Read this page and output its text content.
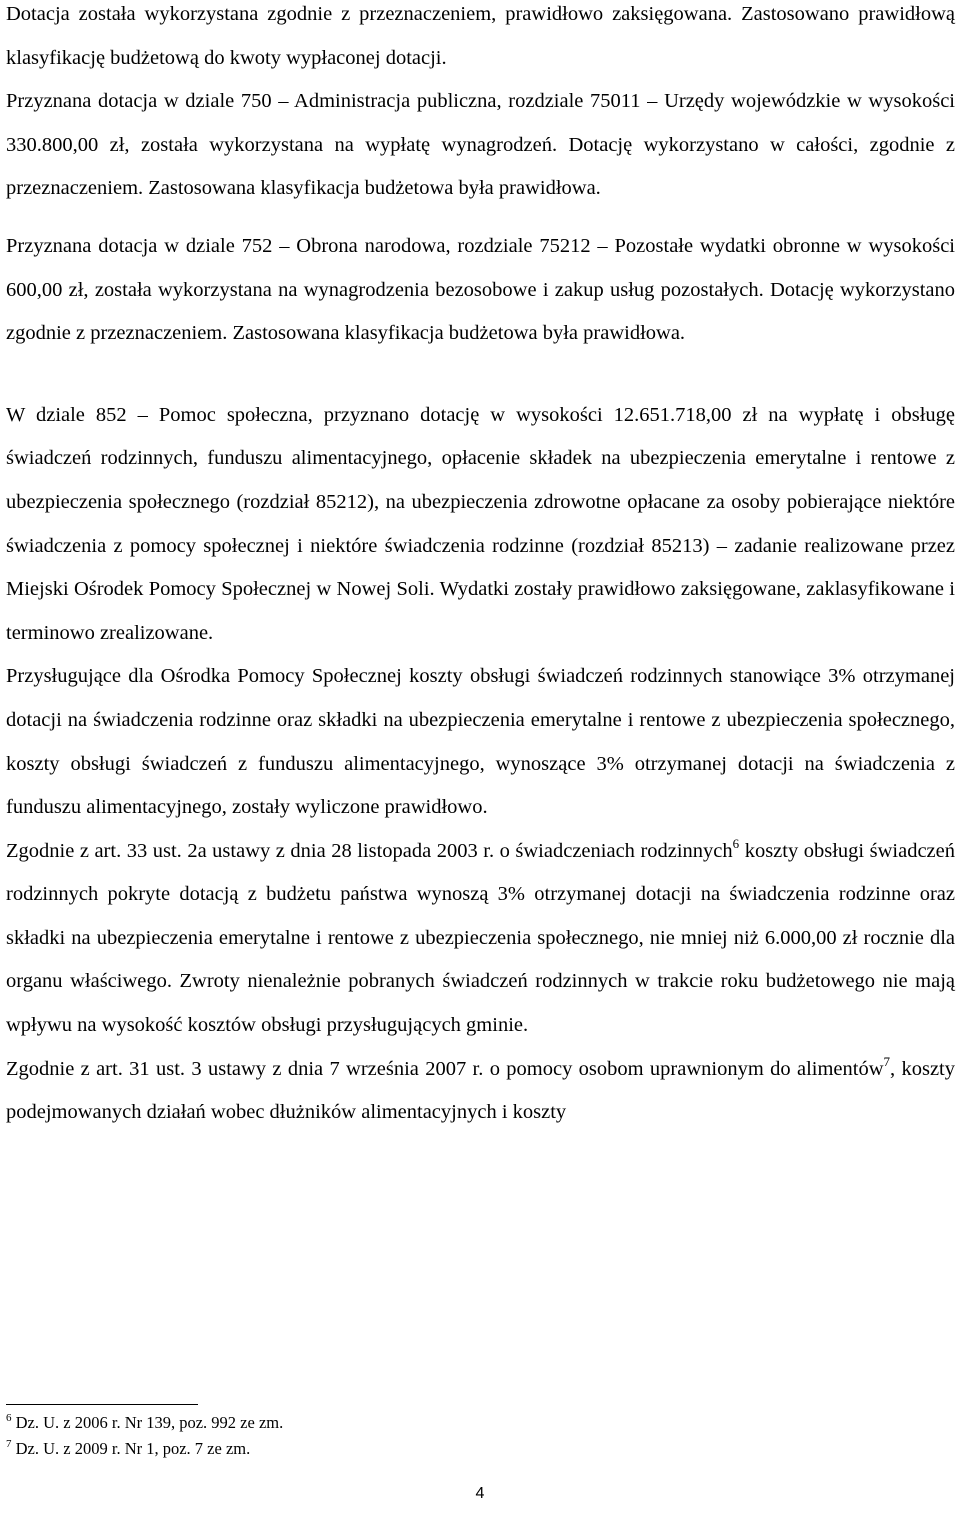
Dotacja została wykorzystana zgodnie z przeznaczeniem, prawidłowo zaksięgowana. Zastosowano prawidłową klasyfikację budżetową do kwoty wypłaconej dotacji.

Przyznana dotacja w dziale 750 – Administracja publiczna, rozdziale 75011 – Urzędy wojewódzkie w wysokości 330.800,00 zł, została wykorzystana na wypłatę wynagrodzeń. Dotację wykorzystano w całości, zgodnie z przeznaczeniem. Zastosowana klasyfikacja budżetowa była prawidłowa.

Przyznana dotacja w dziale 752 – Obrona narodowa, rozdziale 75212 – Pozostałe wydatki obronne w wysokości 600,00 zł, została wykorzystana na wynagrodzenia bezosobowe i zakup usług pozostałych. Dotację wykorzystano zgodnie z przeznaczeniem. Zastosowana klasyfikacja budżetowa była prawidłowa.

W dziale 852 – Pomoc społeczna, przyznano dotację w wysokości 12.651.718,00 zł na wypłatę i obsługę świadczeń rodzinnych, funduszu alimentacyjnego, opłacenie składek na ubezpieczenia emerytalne i rentowe z ubezpieczenia społecznego (rozdział 85212), na ubezpieczenia zdrowotne opłacane za osoby pobierające niektóre świadczenia z pomocy społecznej i niektóre świadczenia rodzinne (rozdział 85213) – zadanie realizowane przez Miejski Ośrodek Pomocy Społecznej w Nowej Soli. Wydatki zostały prawidłowo zaksięgowane, zaklasyfikowane i terminowo zrealizowane.

Przysługujące dla Ośrodka Pomocy Społecznej koszty obsługi świadczeń rodzinnych stanowiące 3% otrzymanej dotacji na świadczenia rodzinne oraz składki na ubezpieczenia emerytalne i rentowe z ubezpieczenia społecznego, koszty obsługi świadczeń z funduszu alimentacyjnego, wynoszące 3% otrzymanej dotacji na świadczenia z funduszu alimentacyjnego, zostały wyliczone prawidłowo.

Zgodnie z art. 33 ust. 2a ustawy z dnia 28 listopada 2003 r. o świadczeniach rodzinnych$^6$ koszty obsługi świadczeń rodzinnych pokryte dotacją z budżetu państwa wynoszą 3% otrzymanej dotacji na świadczenia rodzinne oraz składki na ubezpieczenia emerytalne i rentowe z ubezpieczenia społecznego, nie mniej niż 6.000,00 zł rocznie dla organu właściwego. Zwroty nienależnie pobranych świadczeń rodzinnych w trakcie roku budżetowego nie mają wpływu na wysokość kosztów obsługi przysługujących gminie.

Zgodnie z art. 31 ust. 3 ustawy z dnia 7 września 2007 r. o pomocy osobom uprawnionym do alimentów$^7$, koszty podejmowanych działań wobec dłużników alimentacyjnych i koszty

$^6$ Dz. U. z 2006 r. Nr 139, poz. 992 ze zm.
$^7$ Dz. U. z 2009 r. Nr 1, poz. 7 ze zm.
4
